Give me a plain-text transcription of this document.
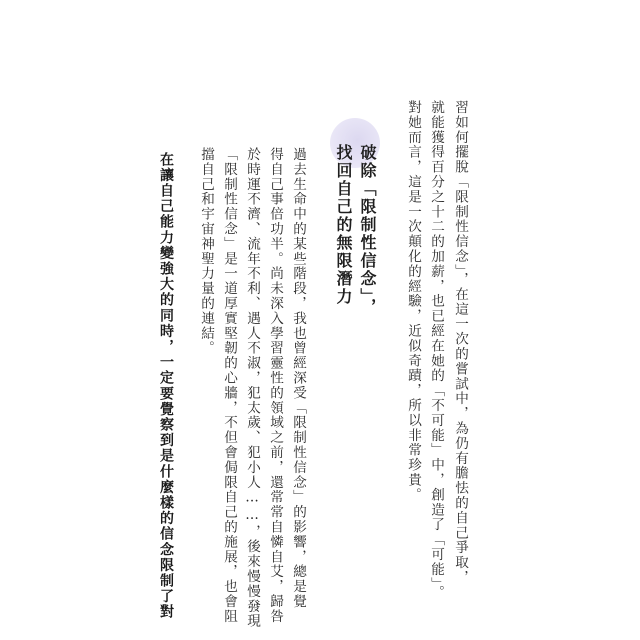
習如何擺脫「限制性信念」，在這一次的嘗試中，為仍有膽怯的自己爭取，
就能獲得百分之十二的加薪，也已經在她的「不可能」中，創造了「可能」。
對她而言，這是一次顛化的經驗，近似奇蹟，所以非常珍貴。
破除「限制性信念」，
找回自己的無限潛力
過去生命中的某些階段，我也曾經深受「限制性信念」的影響，總是覺
得自己事倍功半。尚未深入學習靈性的領域之前，還常常自憐自艾，歸咎
於時運不濟、流年不利、遇人不淑，犯太歲、犯小人……，後來慢慢發現
「限制性信念」是一道厚實堅韌的心牆，不但會侷限自己的施展，也會阻
擋自己和宇宙神聖力量的連結。
在讓自己能力變強大的同時，一定要覺察到是什麼樣的信念限制了對
